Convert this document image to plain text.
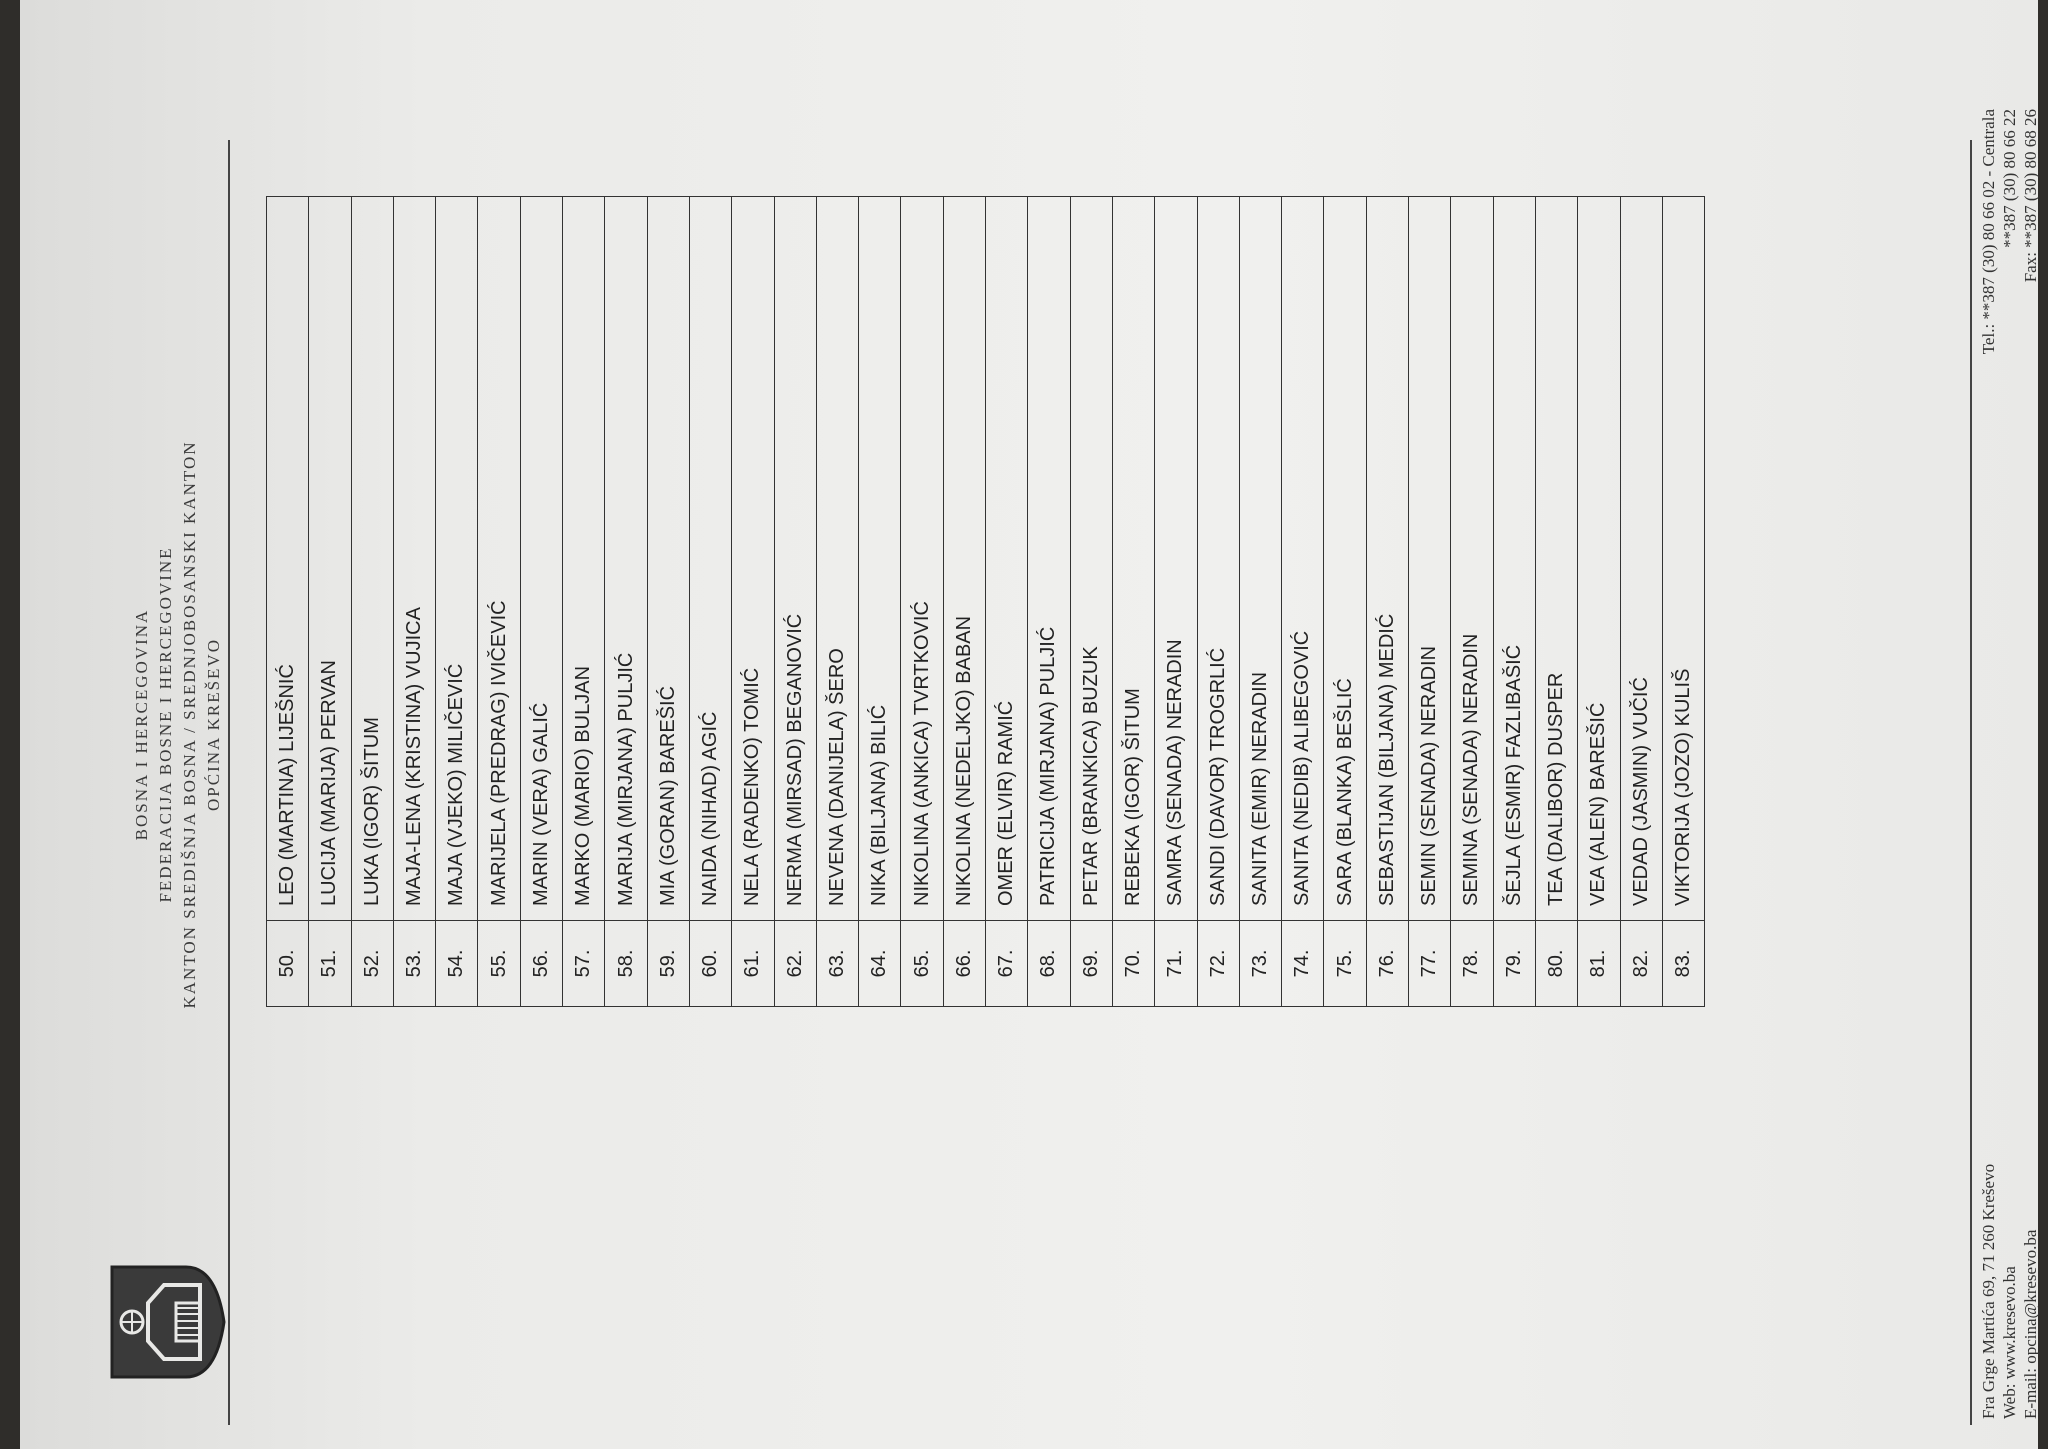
BOSNA I HERCEGOVINA FEDERACIJA BOSNE I HERCEGOVINE KANTON SREDIŠNJA BOSNA / SREDNJOBOSANSKI KANTON OPĆINA KREŠEVO
50.	LEO (MARTINA) LIJEŠNIĆ
51.	LUCIJA (MARIJA) PERVAN
52.	LUKA (IGOR) ŠITUM
53.	MAJA-LENA (KRISTINA) VUJICA
54.	MAJA (VJEKO) MILIČEVIĆ
55.	MARIJELA (PREDRAG) IVIČEVIĆ
56.	MARIN (VERA) GALIĆ
57.	MARKO (MARIO) BULJAN
58.	MARIJA (MIRJANA) PULJIĆ
59.	MIA (GORAN) BAREŠIĆ
60.	NAIDA (NIHAD) AGIĆ
61.	NELA (RADENKO) TOMIĆ
62.	NERMA (MIRSAD) BEGANOVIĆ
63.	NEVENA (DANIJELA) ŠERO
64.	NIKA (BILJANA) BILIĆ
65.	NIKOLINA (ANKICA) TVRTKOVIĆ
66.	NIKOLINA (NEDELJKO) BABAN
67.	OMER (ELVIR) RAMIĆ
68.	PATRICIJA (MIRJANA) PULJIĆ
69.	PETAR (BRANKICA) BUZUK
70.	REBEKA (IGOR) ŠITUM
71.	SAMRA (SENADA) NERADIN
72.	SANDI (DAVOR) TROGRLIĆ
73.	SANITA (EMIR) NERADIN
74.	SANITA (NEDIB) ALIBEGOVIĆ
75.	SARA (BLANKA) BEŠLIĆ
76.	SEBASTIJAN (BILJANA) MEDIĆ
77.	SEMIN (SENADA) NERADIN
78.	SEMINA (SENADA) NERADIN
79.	ŠEJLA (ESMIR) FAZLIBAŠIĆ
80.	TEA (DALIBOR) DUSPER
81.	VEA (ALEN) BAREŠIĆ
82.	VEDAD (JASMIN) VUČIĆ
83.	VIKTORIJA (JOZO) KULIŠ
Fra Grge Martića 69, 71 260 Kreševo Web: www.kresevo.ba E-mail: opcina@kresevo.ba
Tel.: **387 (30) 80 66 02 - Centrala **387 (30) 80 66 22 Fax: **387 (30) 80 68 26
